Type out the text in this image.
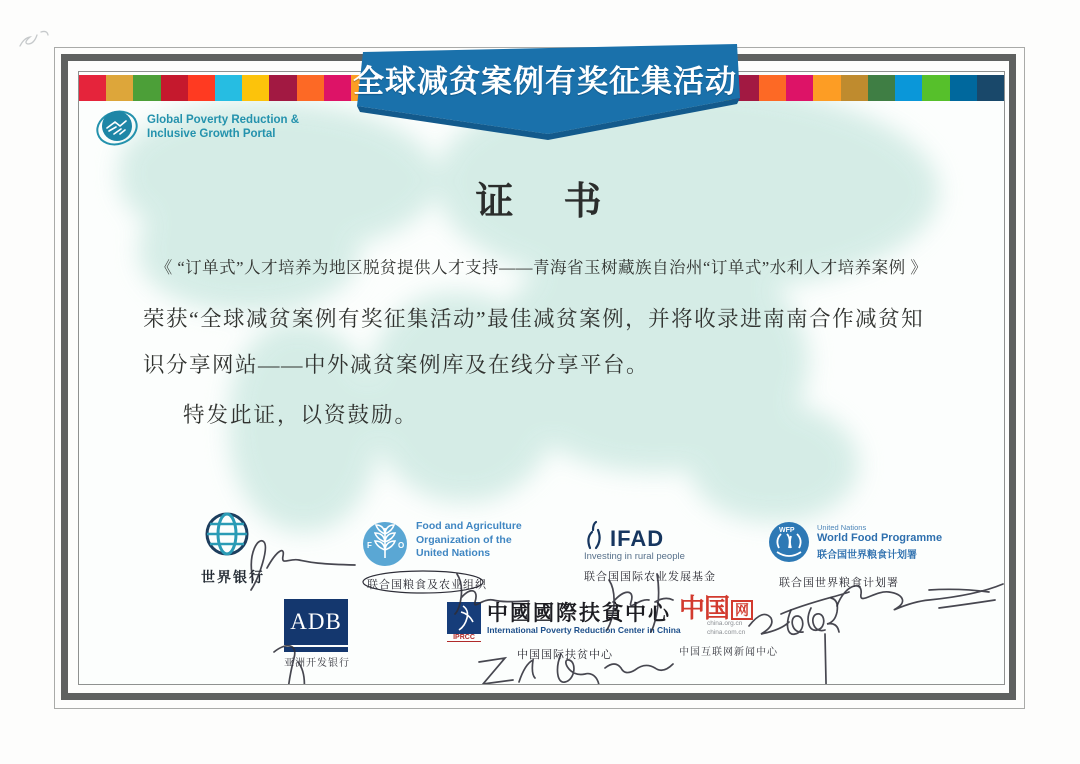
Global Poverty Reduction &
Inclusive Growth Portal
证　书
《 “订单式”人才培养为地区脱贫提供人才支持——青海省玉树藏族自治州“订单式”水利人才培养案例 》
荣获“全球减贫案例有奖征集活动”最佳减贫案例，并将收录进南南合作减贫知
识分享网站——中外减贫案例库及在线分享平台。
特发此证，以资鼓励。
世界银行
F	O
Food and Agriculture
Organization of the
United Nations
联合国粮食及农业组织
IFAD
Investing in rural people
联合国国际农业发展基金
WFP	United Nations
World Food Programme
联合国世界粮食计划署
联合国世界粮食计划署
ADB
亚洲开发银行
IPRCC
中國國際扶貧中心
International Poverty Reduction Center in China
中国国际扶贫中心
中国 网
china.org.cn
china.com.cn
中国互联网新闻中心
全球减贫案例有奖征集活动
